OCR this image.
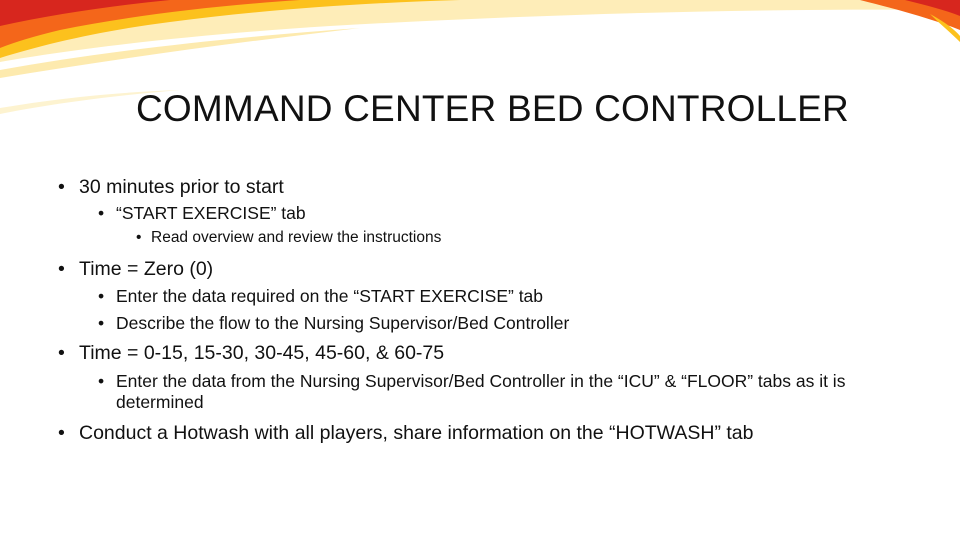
COMMAND CENTER BED CONTROLLER
• 30 minutes prior to start
• “START EXERCISE” tab
• Read overview and review the instructions
• Time = Zero (0)
• Enter the data required on the “START EXERCISE” tab
• Describe the flow to the Nursing Supervisor/Bed Controller
• Time = 0-15, 15-30, 30-45, 45-60, & 60-75
• Enter the data from the Nursing Supervisor/Bed Controller in the “ICU” & “FLOOR” tabs as it is determined
• Conduct a Hotwash with all players, share information on the “HOTWASH” tab
